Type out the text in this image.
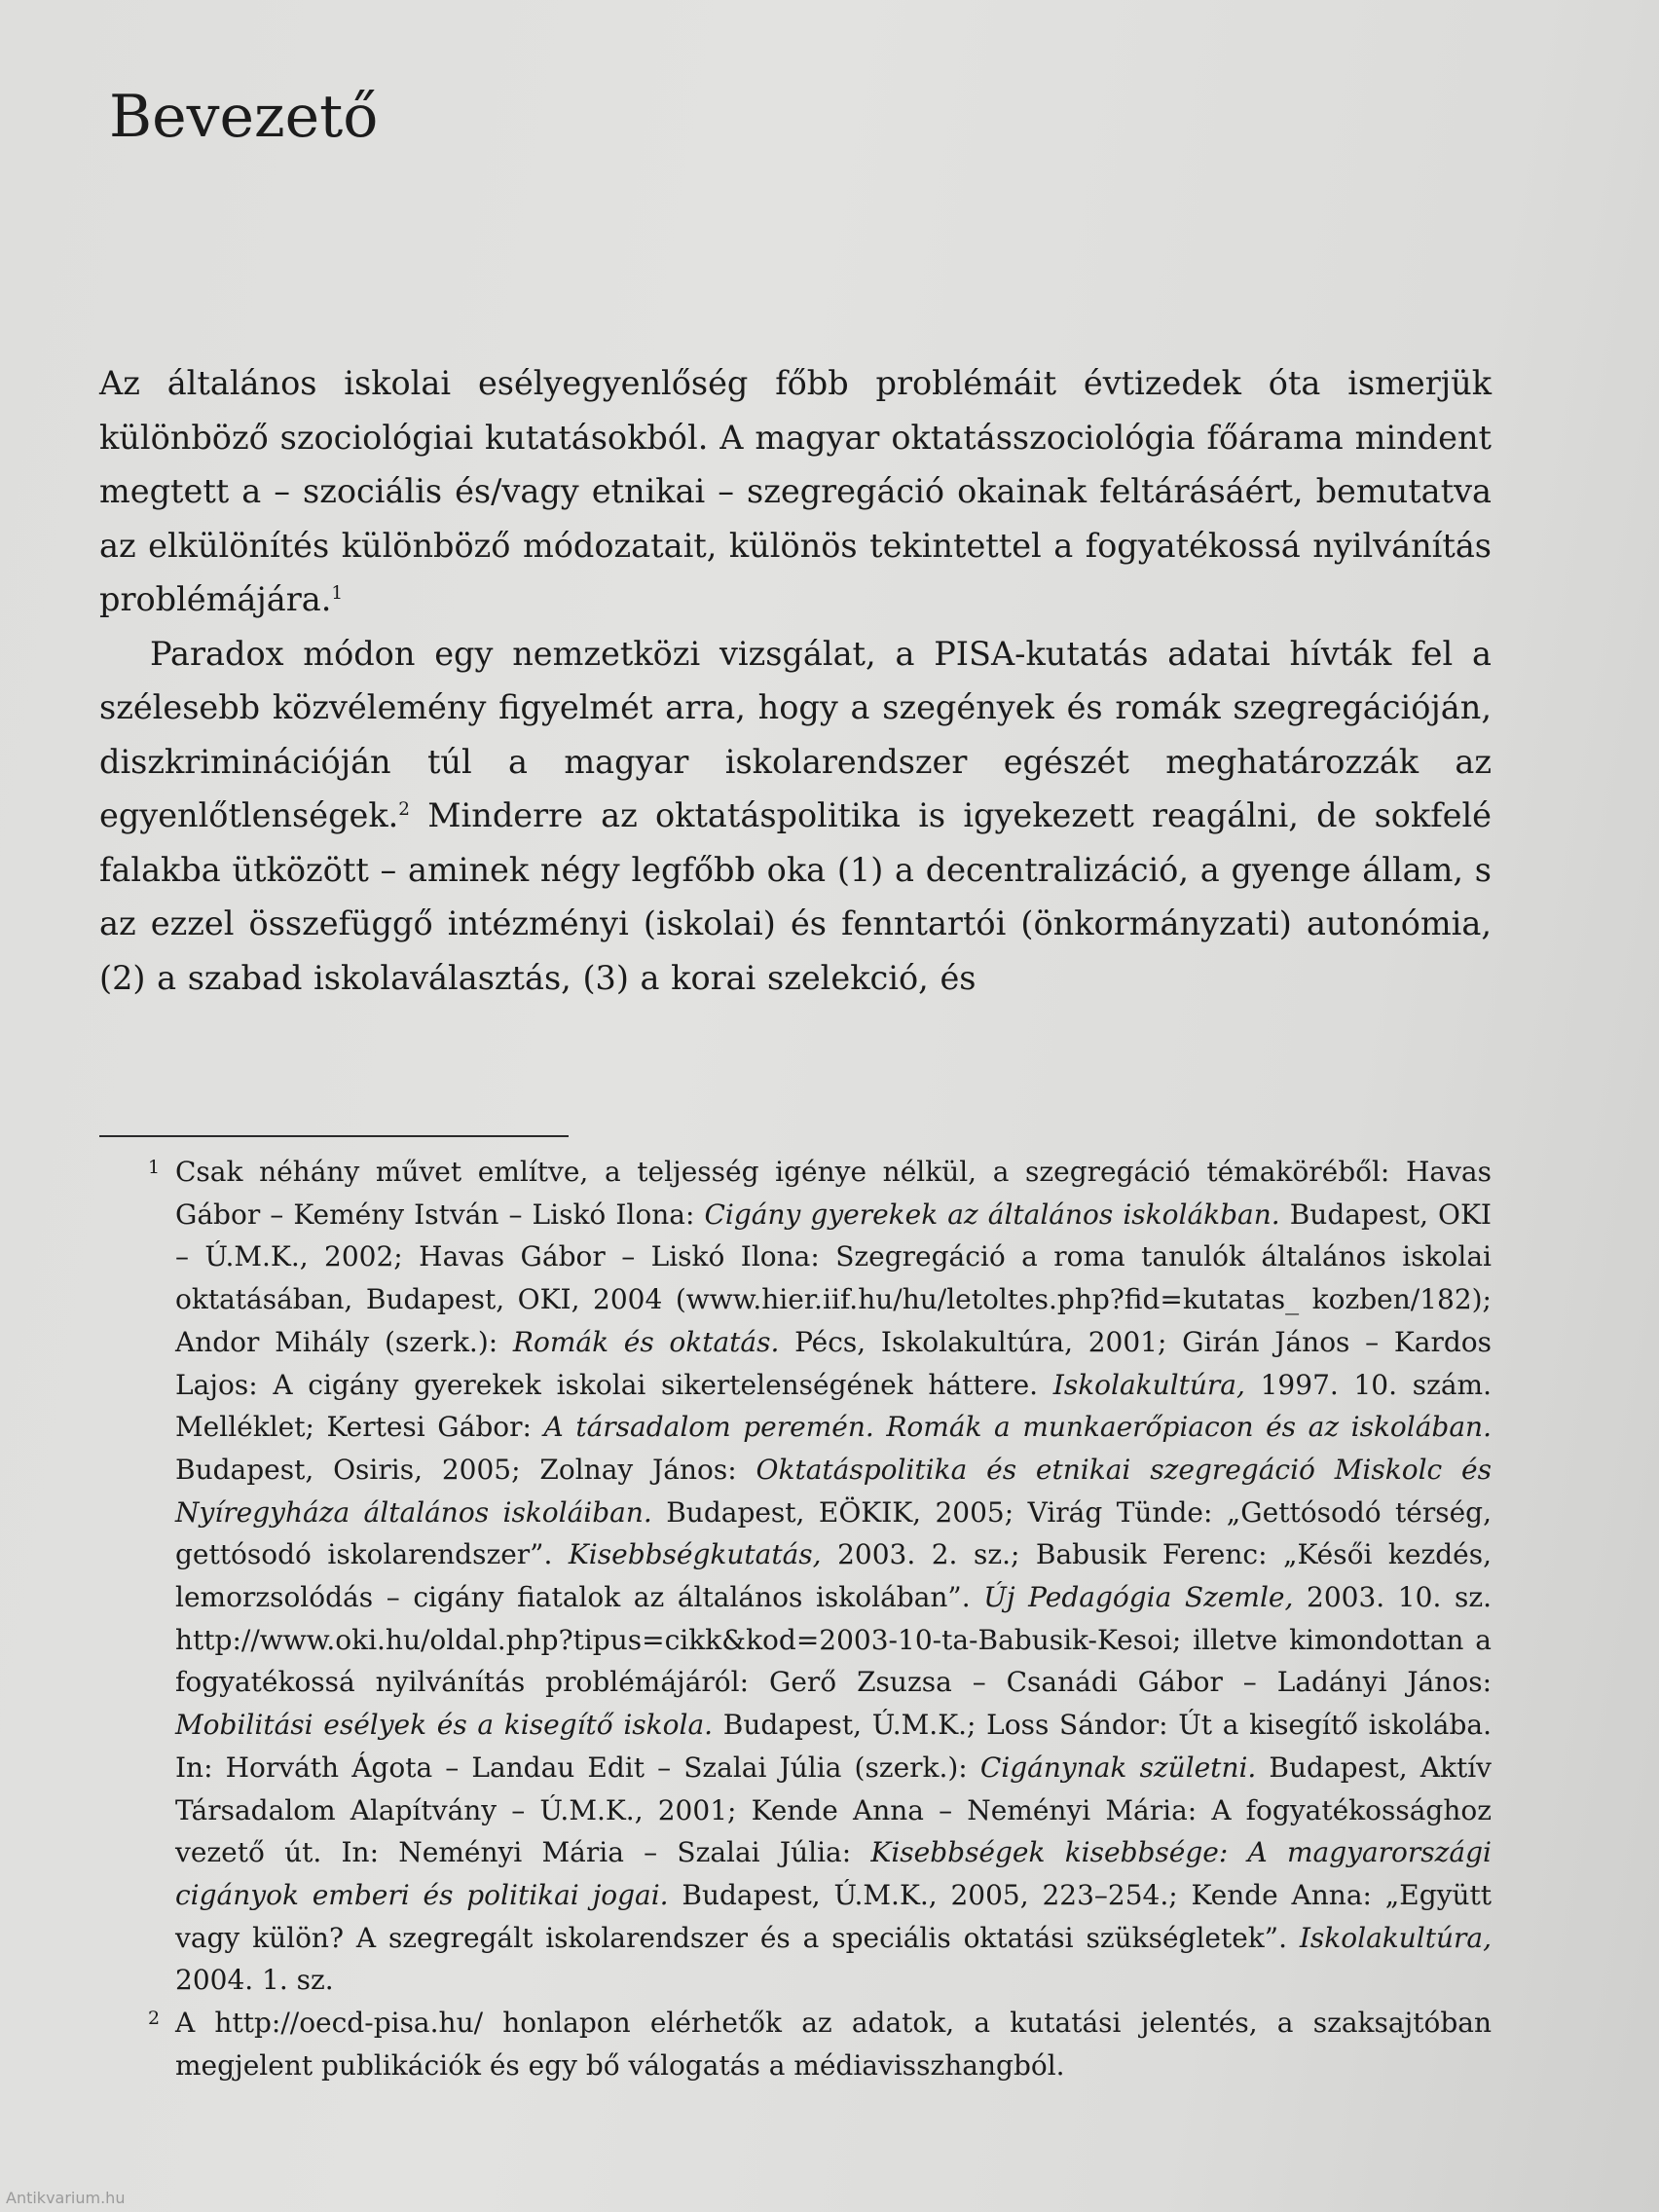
Bevezető

Az általános iskolai esélyegyenlőség főbb problémáit évtizedek óta ismerjük különböző szociológiai kutatásokból. A magyar oktatásszociológia főárama mindent megtett a – szociális és/vagy etnikai – szegregáció okainak feltárásáért, bemutatva az elkülönítés különböző módozatait, különös tekintettel a fogyatékossá nyilvánítás problémájára.$^1$

Paradox módon egy nemzetközi vizsgálat, a PISA-kutatás adatai hívták fel a szélesebb közvélemény figyelmét arra, hogy a szegények és romák szegregációján, diszkriminációján túl a magyar iskolarendszer egészét meghatározzák az egyenlőtlenségek.$^2$ Minderre az oktatáspolitika is igyekezett reagálni, de sokfelé falakba ütközött – aminek négy legfőbb oka (1) a decentralizáció, a gyenge állam, s az ezzel összefüggő intézményi (iskolai) és fenntartói (önkormányzati) autonómia, (2) a szabad iskolaválasztás, (3) a korai szelekció, és

1 Csak néhány művet említve, a teljesség igénye nélkül, a szegregáció témaköréből: Havas Gábor – Kemény István – Liskó Ilona: Cigány gyerekek az általános iskolákban. Budapest, OKI – Ú.M.K., 2002; Havas Gábor – Liskó Ilona: Szegregáció a roma tanulók általános iskolai oktatásában, Budapest, OKI, 2004 (www.hier.iif.hu/hu/letoltes.php?fid=kutatas_ kozben/182); Andor Mihály (szerk.): Romák és oktatás. Pécs, Iskolakultúra, 2001; Girán János – Kardos Lajos: A cigány gyerekek iskolai sikertelenségének háttere. Iskolakultúra, 1997. 10. szám. Melléklet; Kertesi Gábor: A társadalom peremén. Romák a munkaerőpiacon és az iskolában. Budapest, Osiris, 2005; Zolnay János: Oktatáspolitika és etnikai szegregáció Miskolc és Nyíregyháza általános iskoláiban. Budapest, EÖKIK, 2005; Virág Tünde: „Gettósodó térség, gettósodó iskolarendszer”. Kisebbségkutatás, 2003. 2. sz.; Babusik Ferenc: „Késői kezdés, lemorzsolódás – cigány fiatalok az általános iskolában”. Új Pedagógia Szemle, 2003. 10. sz. http://www.oki.hu/oldal.php?tipus=cikk&kod=2003-10-ta-Babusik-Kesoi; illetve kimondottan a fogyatékossá nyilvánítás problémájáról: Gerő Zsuzsa – Csanádi Gábor – Ladányi János: Mobilitási esélyek és a kisegítő iskola. Budapest, Ú.M.K.; Loss Sándor: Út a kisegítő iskolába. In: Horváth Ágota – Landau Edit – Szalai Júlia (szerk.): Cigánynak születni. Budapest, Aktív Társadalom Alapítvány – Ú.M.K., 2001; Kende Anna – Neményi Mária: A fogyatékossághoz vezető út. In: Neményi Mária – Szalai Júlia: Kisebbségek kisebbsége: A magyarországi cigányok emberi és politikai jogai. Budapest, Ú.M.K., 2005, 223–254.; Kende Anna: „Együtt vagy külön? A szegregált iskolarendszer és a speciális oktatási szükségletek”. Iskolakultúra, 2004. 1. sz.

2 A http://oecd-pisa.hu/ honlapon elérhetők az adatok, a kutatási jelentés, a szaksajtóban megjelent publikációk és egy bő válogatás a médiavisszhangból.

Antikvarium.hu
